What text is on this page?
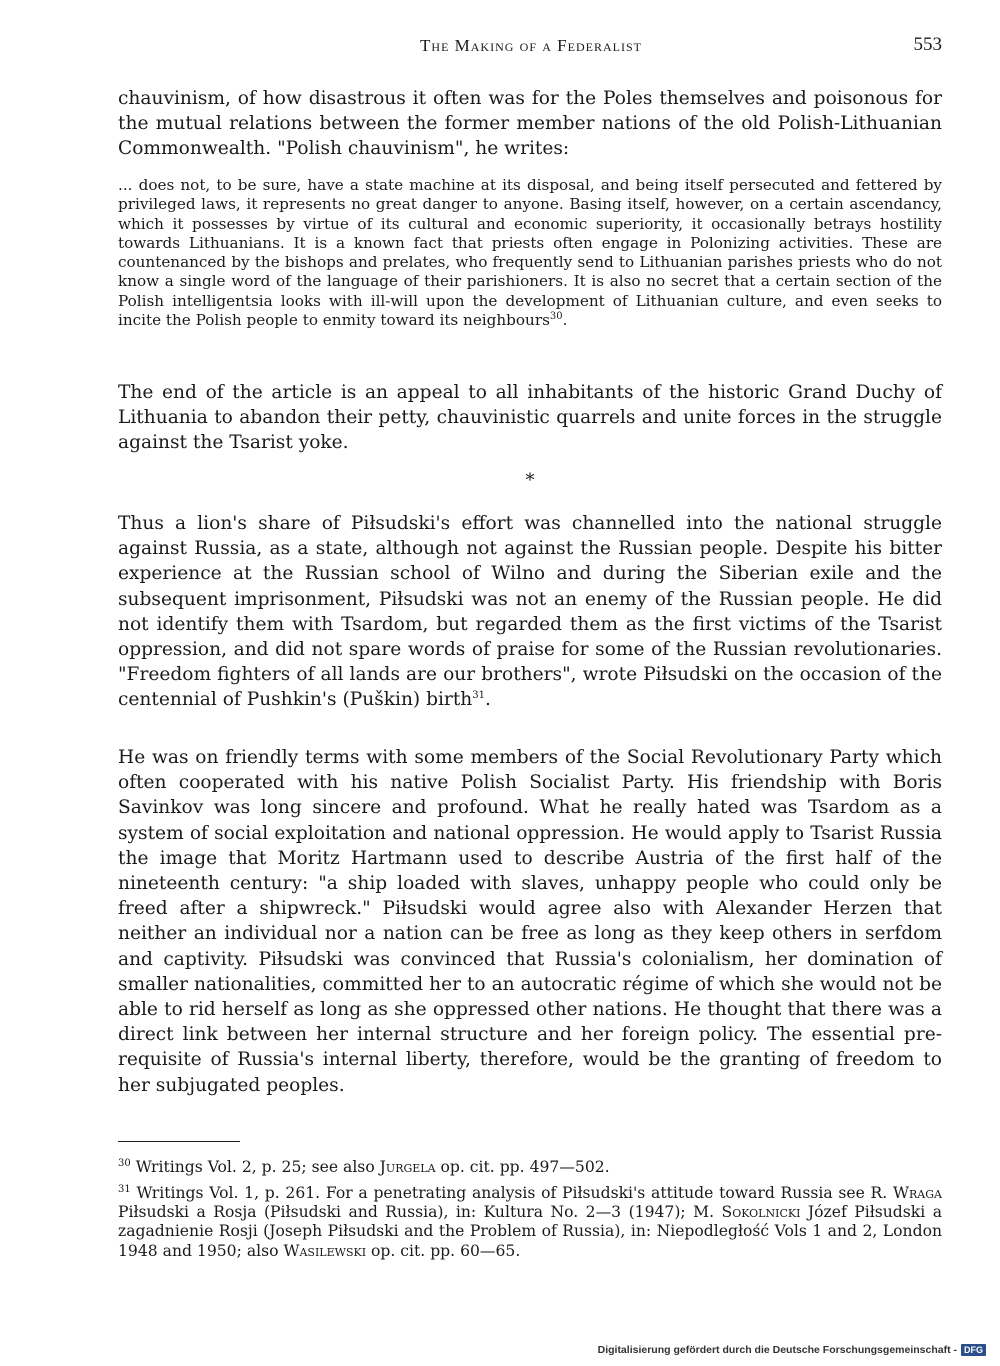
The Making of a Federalist	553

chauvinism, of how disastrous it often was for the Poles themselves and poisonous for the mutual relations between the former member nations of the old Polish-Lithuanian Commonwealth. "Polish chauvinism", he writes:

... does not, to be sure, have a state machine at its disposal, and being itself persecuted and fettered by privileged laws, it represents no great danger to anyone. Basing itself, however, on a certain ascendancy, which it possesses by virtue of its cultural and economic superiority, it occasionally betrays hostility towards Lithuanians. It is a known fact that priests often engage in Polonizing activities. These are countenanced by the bishops and prelates, who frequently send to Lithuanian parishes priests who do not know a single word of the language of their parishioners. It is also no secret that a certain section of the Polish intelligentsia looks with ill-will upon the development of Lithuanian culture, and even seeks to incite the Polish people to enmity toward its neighbours$^{30}$.

The end of the article is an appeal to all inhabitants of the historic Grand Duchy of Lithuania to abandon their petty, chauvinistic quarrels and unite forces in the struggle against the Tsarist yoke.

*

Thus a lion's share of Piłsudski's effort was channelled into the national struggle against Russia, as a state, although not against the Russian people. Despite his bitter experience at the Russian school of Wilno and during the Siberian exile and the subsequent imprisonment, Piłsudski was not an enemy of the Russian people. He did not identify them with Tsardom, but regarded them as the first victims of the Tsarist oppression, and did not spare words of praise for some of the Russian revolutionaries. "Freedom fighters of all lands are our brothers", wrote Piłsudski on the occasion of the centennial of Pushkin's (Puškin) birth$^{31}$.

He was on friendly terms with some members of the Social Revolutionary Party which often cooperated with his native Polish Socialist Party. His friendship with Boris Savinkov was long sincere and profound. What he really hated was Tsardom as a system of social exploitation and national oppression. He would apply to Tsarist Russia the image that Moritz Hartmann used to describe Austria of the first half of the nineteenth century: "a ship loaded with slaves, unhappy people who could only be freed after a shipwreck." Piłsudski would agree also with Alexander Herzen that neither an individual nor a nation can be free as long as they keep others in serfdom and captivity. Piłsudski was convinced that Russia's colonialism, her domination of smaller nationalities, committed her to an autocratic régime of which she would not be able to rid herself as long as she oppressed other nations. He thought that there was a direct link between her internal structure and her foreign policy. The essential pre-requisite of Russia's internal liberty, therefore, would be the granting of freedom to her subjugated peoples.

$^{30}$ Writings Vol. 2, p. 25; see also Jurgela op. cit. pp. 497—502.

$^{31}$ Writings Vol. 1, p. 261. For a penetrating analysis of Piłsudski's attitude toward Russia see R. Wraga Piłsudski a Rosja (Piłsudski and Russia), in: Kultura No. 2—3 (1947); M. Sokolnicki Józef Piłsudski a zagadnienie Rosji (Joseph Piłsudski and the Problem of Russia), in: Niepodległość Vols 1 and 2, London 1948 and 1950; also Wasilewski op. cit. pp. 60—65.

Digitalisierung gefördert durch die Deutsche Forschungsgemeinschaft - DFG
